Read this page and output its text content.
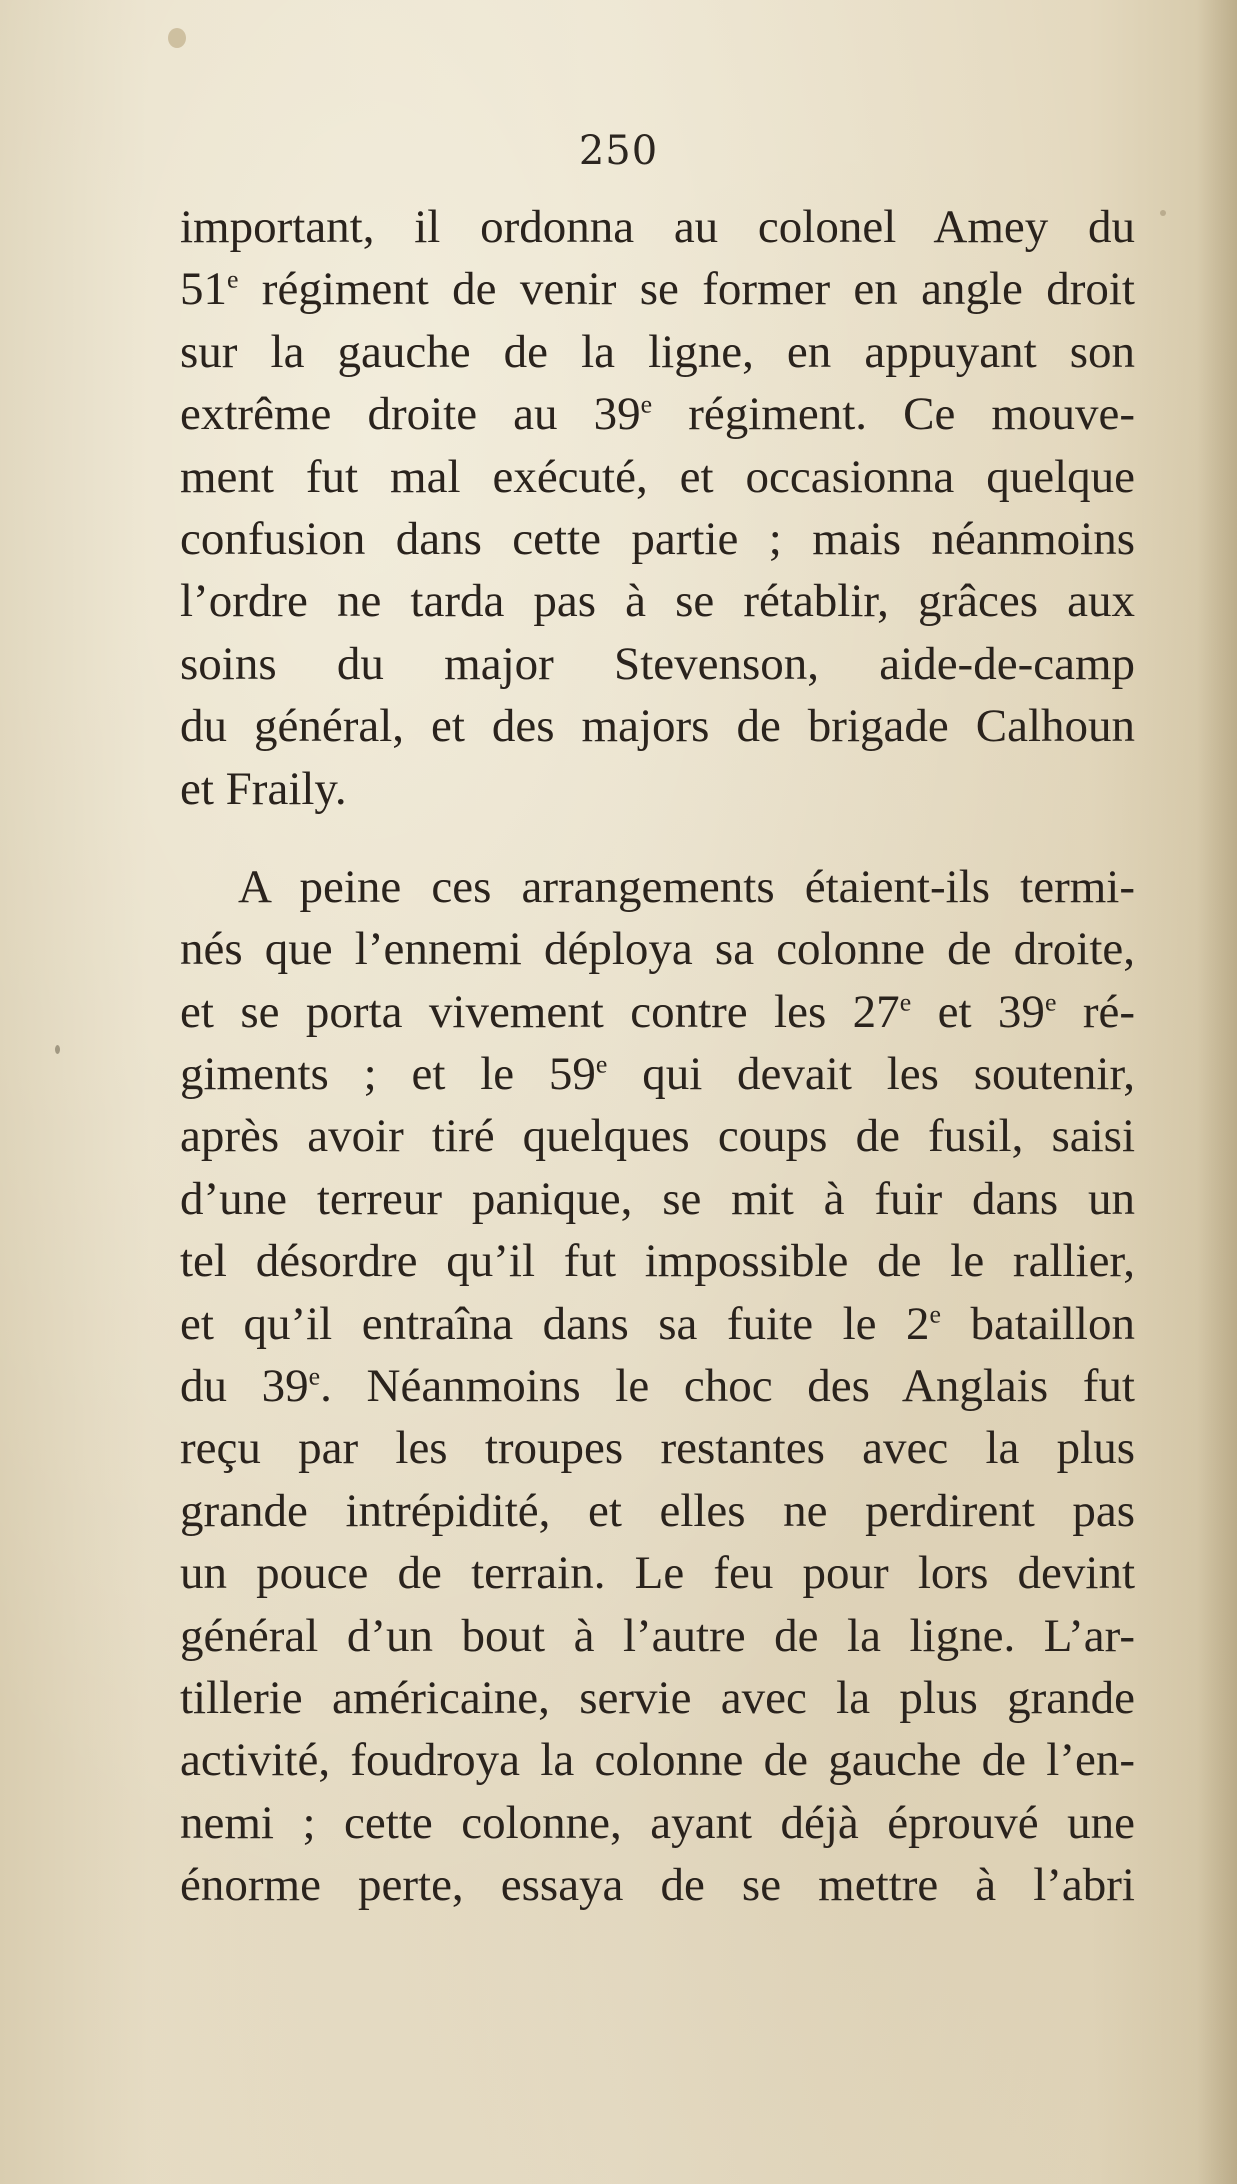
250
important, il ordonna au colonel Amey du
51e régiment de venir se former en angle droit
sur la gauche de la ligne, en appuyant son
extrême droite au 39e régiment. Ce mouve-
ment fut mal exécuté, et occasionna quelque
confusion dans cette partie ; mais néanmoins
l’ordre ne tarda pas à se rétablir, grâces aux
soins du major Stevenson, aide-de-camp
du général, et des majors de brigade Calhoun
et Fraily.
A peine ces arrangements étaient-ils termi-
nés que l’ennemi déploya sa colonne de droite,
et se porta vivement contre les 27e et 39e ré-
giments ; et le 59e qui devait les soutenir,
après avoir tiré quelques coups de fusil, saisi
d’une terreur panique, se mit à fuir dans un
tel désordre qu’il fut impossible de le rallier,
et qu’il entraîna dans sa fuite le 2e bataillon
du 39e. Néanmoins le choc des Anglais fut
reçu par les troupes restantes avec la plus
grande intrépidité, et elles ne perdirent pas
un pouce de terrain. Le feu pour lors devint
général d’un bout à l’autre de la ligne. L’ar-
tillerie américaine, servie avec la plus grande
activité, foudroya la colonne de gauche de l’en-
nemi ; cette colonne, ayant déjà éprouvé une
énorme perte, essaya de se mettre à l’abri
